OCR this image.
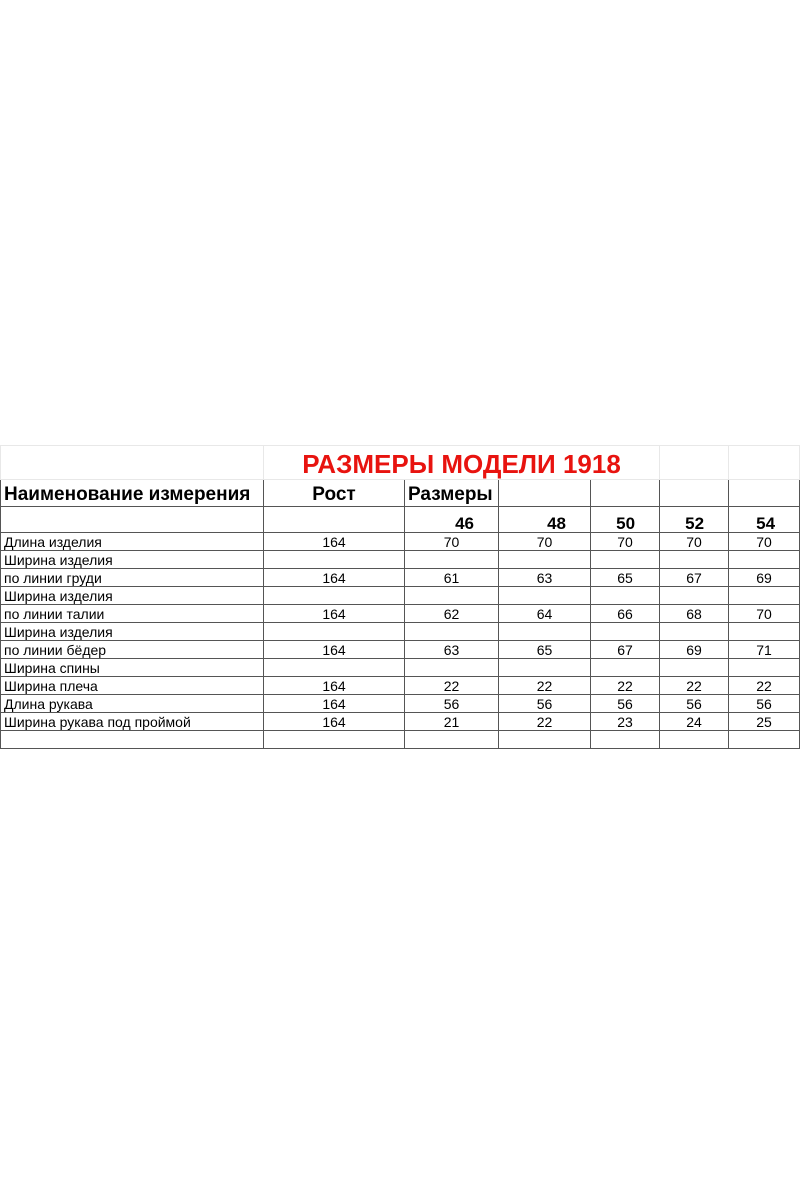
	РАЗМЕРЫ МОДЕЛИ 1918					
Наименование измерения	Рост	Размеры				
		46	48	50	52	54
Длина изделия	164	70	70	70	70	70
Ширина изделия						
по линии груди	164	61	63	65	67	69
Ширина изделия						
по линии талии	164	62	64	66	68	70
Ширина изделия						
по линии бёдер	164	63	65	67	69	71
Ширина спины						
Ширина плеча	164	22	22	22	22	22
Длина рукава	164	56	56	56	56	56
Ширина рукава под проймой	164	21	22	23	24	25
